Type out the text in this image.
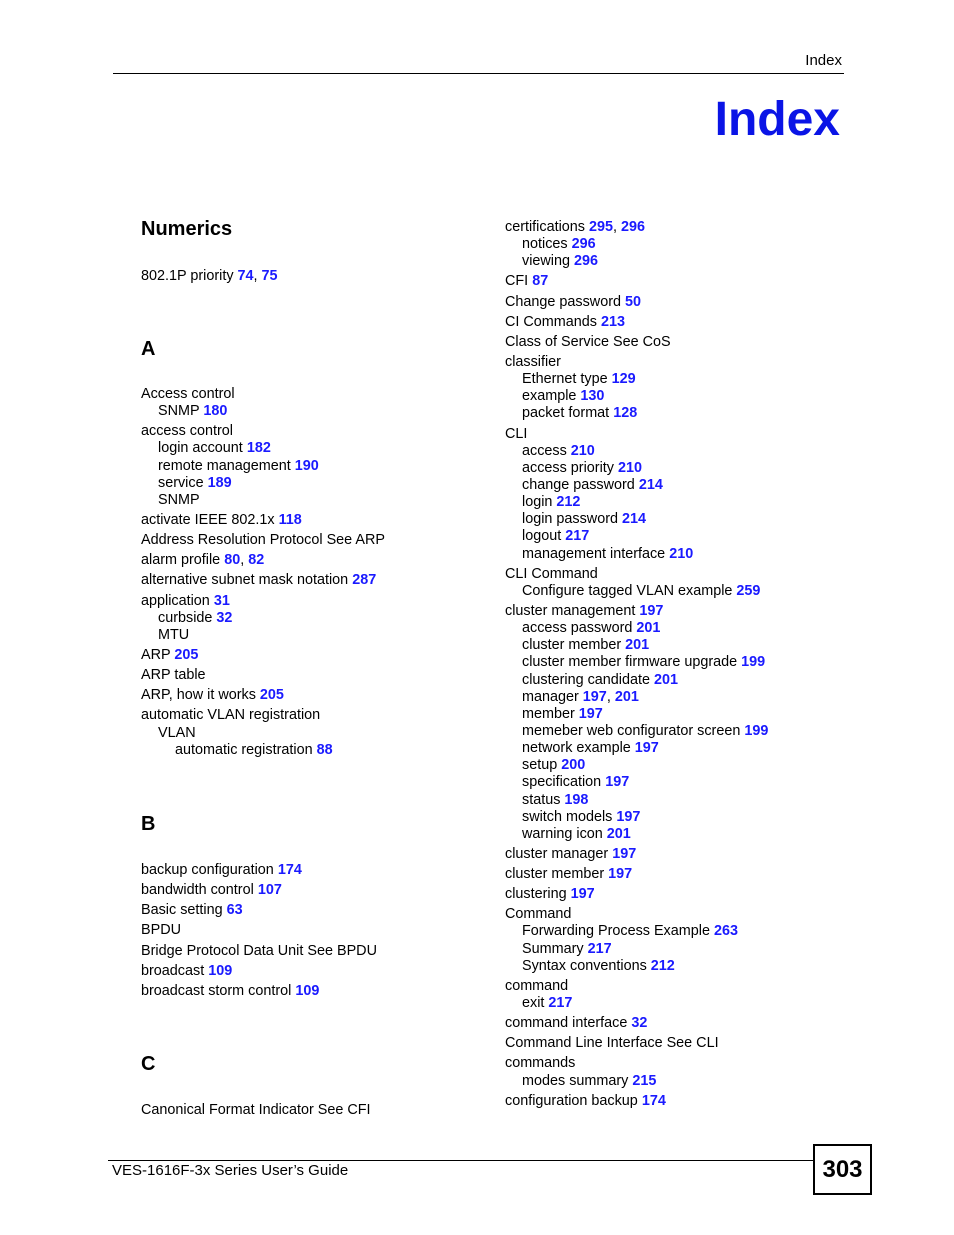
Index
Index
Numerics
802.1P priority 74, 75
A
Access control
SNMP 180
access control
login account 182
remote management 190
service 189
SNMP
activate IEEE 802.1x 118
Address Resolution Protocol See ARP
alarm profile 80, 82
alternative subnet mask notation 287
application 31
curbside 32
MTU
ARP 205
ARP table
ARP, how it works 205
automatic VLAN registration
VLAN
automatic registration 88
B
backup configuration 174
bandwidth control 107
Basic setting 63
BPDU
Bridge Protocol Data Unit See BPDU
broadcast 109
broadcast storm control 109
C
Canonical Format Indicator See CFI
certifications 295, 296
notices 296
viewing 296
CFI 87
Change password 50
CI Commands 213
Class of Service See CoS
classifier
Ethernet type 129
example 130
packet format 128
CLI
access 210
access priority 210
change password 214
login 212
login password 214
logout 217
management interface 210
CLI Command
Configure tagged VLAN example 259
cluster management 197
access password 201
cluster member 201
cluster member firmware upgrade 199
clustering candidate 201
manager 197, 201
member 197
memeber web configurator screen 199
network example 197
setup 200
specification 197
status 198
switch models 197
warning icon 201
cluster manager 197
cluster member 197
clustering 197
Command
Forwarding Process Example 263
Summary 217
Syntax conventions 212
command
exit 217
command interface 32
Command Line Interface See CLI
commands
modes summary 215
configuration backup 174
VES-1616F-3x Series User’s Guide	303
